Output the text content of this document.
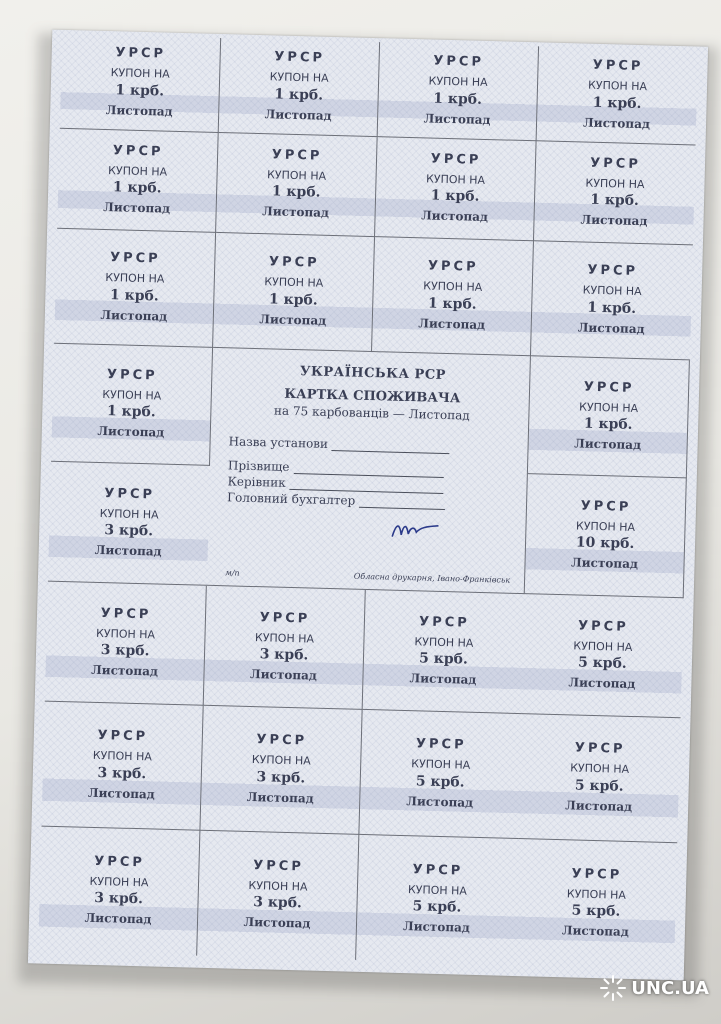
УРСР
КУПОН НА
1 крб.
Листопад
УРСР
КУПОН НА
1 крб.
Листопад
УРСР
КУПОН НА
1 крб.
Листопад
УРСР
КУПОН НА
1 крб.
Листопад
УРСР
КУПОН НА
1 крб.
Листопад
УРСР
КУПОН НА
1 крб.
Листопад
УРСР
КУПОН НА
1 крб.
Листопад
УРСР
КУПОН НА
1 крб.
Листопад
УРСР
КУПОН НА
1 крб.
Листопад
УРСР
КУПОН НА
1 крб.
Листопад
УРСР
КУПОН НА
1 крб.
Листопад
УРСР
КУПОН НА
1 крб.
Листопад
УРСР
КУПОН НА
1 крб.
Листопад
УКРАЇНСЬКА РСР
КАРТКА СПОЖИВАЧА
на 75 карбованців — Листопад
Назва установи
Прізвище
Керівник
Головний бухгалтер
м/п	Обласна друкарня, Івано-Франківськ
УРСР
КУПОН НА
1 крб.
Листопад
УРСР
КУПОН НА
3 крб.
Листопад
УРСР
КУПОН НА
10 крб.
Листопад
УРСР
КУПОН НА
3 крб.
Листопад
УРСР
КУПОН НА
3 крб.
Листопад
УРСР
КУПОН НА
5 крб.
Листопад
УРСР
КУПОН НА
5 крб.
Листопад
УРСР
КУПОН НА
3 крб.
Листопад
УРСР
КУПОН НА
3 крб.
Листопад
УРСР
КУПОН НА
5 крб.
Листопад
УРСР
КУПОН НА
5 крб.
Листопад
УРСР
КУПОН НА
3 крб.
Листопад
УРСР
КУПОН НА
3 крб.
Листопад
УРСР
КУПОН НА
5 крб.
Листопад
УРСР
КУПОН НА
5 крб.
Листопад
UNC.UA
